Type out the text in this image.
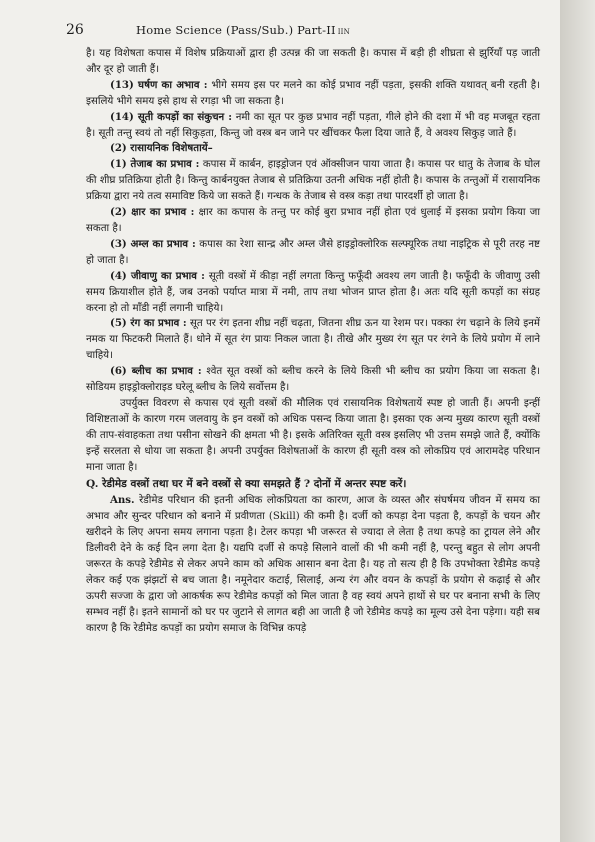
26	Home Science (Pass/Sub.) Part-II IIN

है। यह विशेषता कपास में विशेष प्रक्रियाओं द्वारा ही उत्पन्न की जा सकती है। कपास में बड़ी ही शीघ्रता से झुर्रियाँ पड़ जाती और दूर हो जाती हैं।

(13) घर्षण का अभाव : भीगे समय इस पर मलने का कोई प्रभाव नहीं पड़ता, इसकी शक्ति यथावत् बनी रहती है। इसलिये भीगे समय इसे हाथ से रगड़ा भी जा सकता है।

(14) सूती कपड़ों का संकुचन : नमी का सूत पर कुछ प्रभाव नहीं पड़ता, गीले होने की दशा में भी वह मजबूत रहता है। सूती तन्तु स्वयं तो नहीं सिकुड़ता, किन्तु जो वस्त्र बन जाने पर खींचकर फैला दिया जाते हैं, वे अवश्य सिकुड़ जाते हैं।

(2) रासायनिक विशेषतायें–

(1) तेजाब का प्रभाव : कपास में कार्बन, हाइड्रोजन एवं ऑक्सीजन पाया जाता है। कपास पर धातु के तेजाब के घोल की शीघ्र प्रतिक्रिया होती है। किन्तु कार्बनयुक्त तेजाब से प्रतिक्रिया उतनी अधिक नहीं होती है। कपास के तन्तुओं में रासायनिक प्रक्रिया द्वारा नये तत्व समाविष्ट किये जा सकते हैं। गन्धक के तेजाब से वस्त्र कड़ा तथा पारदर्शी हो जाता है।

(2) क्षार का प्रभाव : क्षार का कपास के तन्तु पर कोई बुरा प्रभाव नहीं होता एवं धुलाई में इसका प्रयोग किया जा सकता है।

(3) अम्ल का प्रभाव : कपास का रेशा सान्द्र और अम्ल जैसे हाइड्रोक्लोरिक सल्फ्यूरिक तथा नाइट्रिक से पूरी तरह नष्ट हो जाता है।

(4) जीवाणु का प्रभाव : सूती वस्त्रों में कीड़ा नहीं लगता किन्तु फफूँदी अवश्य लग जाती है। फफूँदी के जीवाणु उसी समय क्रियाशील होते हैं, जब उनको पर्याप्त मात्रा में नमी, ताप तथा भोजन प्राप्त होता है। अतः यदि सूती कपड़ों का संग्रह करना हो तो माँडी नहीं लगानी चाहिये।

(5) रंग का प्रभाव : सूत पर रंग इतना शीघ्र नहीं चढ़ता, जितना शीघ्र ऊन या रेशम पर। पक्का रंग चढ़ाने के लिये इनमें नमक या फिटकरी मिलाते हैं। धोने में सूत रंग प्रायः निकल जाता है। तीखे और मुख्य रंग सूत पर रंगने के लिये प्रयोग में लाने चाहिये।

(6) ब्लीच का प्रभाव : श्वेत सूत वस्त्रों को ब्लीच करने के लिये किसी भी ब्लीच का प्रयोग किया जा सकता है। सोडियम हाइड्रोक्लोराइड घरेलू ब्लीच के लिये सर्वोत्तम है।

उपर्युक्त विवरण से कपास एवं सूती वस्त्रों की मौलिक एवं रासायनिक विशेषतायें स्पष्ट हो जाती हैं। अपनी इन्हीं विशिष्टताओं के कारण गरम जलवायु के इन वस्त्रों को अधिक पसन्द किया जाता है। इसका एक अन्य मुख्य कारण सूती वस्त्रों की ताप-संवाहकता तथा पसीना सोखने की क्षमता भी है। इसके अतिरिक्त सूती वस्त्र इसलिए भी उत्तम समझे जाते हैं, क्योंकि इन्हें सरलता से धोया जा सकता है। अपनी उपर्युक्त विशेषताओं के कारण ही सूती वस्त्र को लोकप्रिय एवं आरामदेह परिधान माना जाता है।

Q. रेडीमेड वस्त्रों तथा घर में बने वस्त्रों से क्या समझते हैं ? दोनों में अन्तर स्पष्ट करें।

Ans. रेडीमेड परिधान की इतनी अधिक लोकप्रियता का कारण, आज के व्यस्त और संघर्षमय जीवन में समय का अभाव और सुन्दर परिधान को बनाने में प्रवीणता (Skill) की कमी है। दर्जी को कपड़ा देना पड़ता है, कपड़ों के चयन और खरीदने के लिए अपना समय लगाना पड़ता है। टेलर कपड़ा भी जरूरत से ज्यादा ले लेता है तथा कपड़े का ट्रायल लेने और डिलीवरी देने के कई दिन लगा देता है। यद्यपि दर्जी से कपड़े सिलाने वालों की भी कमी नहीं है, परन्तु बहुत से लोग अपनी जरूरत के कपड़े रेडीमेड से लेकर अपने काम को अधिक आसान बना देता है। यह तो सत्य ही है कि उपभोक्ता रेडीमेड कपड़े लेकर कई एक झंझटों से बच जाता है। नमूनेदार कटाई, सिलाई, अन्य रंग और वयन के कपड़ों के प्रयोग से कढ़ाई से और ऊपरी सज्जा के द्वारा जो आकर्षक रूप रेडीमेड कपड़ों को मिल जाता है वह स्वयं अपने हाथों से घर पर बनाना सभी के लिए सम्भव नहीं है। इतने सामानों को घर पर जुटाने से लागत बही आ जाती है जो रेडीमेड कपड़े का मूल्य उसे देना पड़ेगा। यही सब कारण है कि रेडीमेड कपड़ों का प्रयोग समाज के विभिन्न कपड़े
